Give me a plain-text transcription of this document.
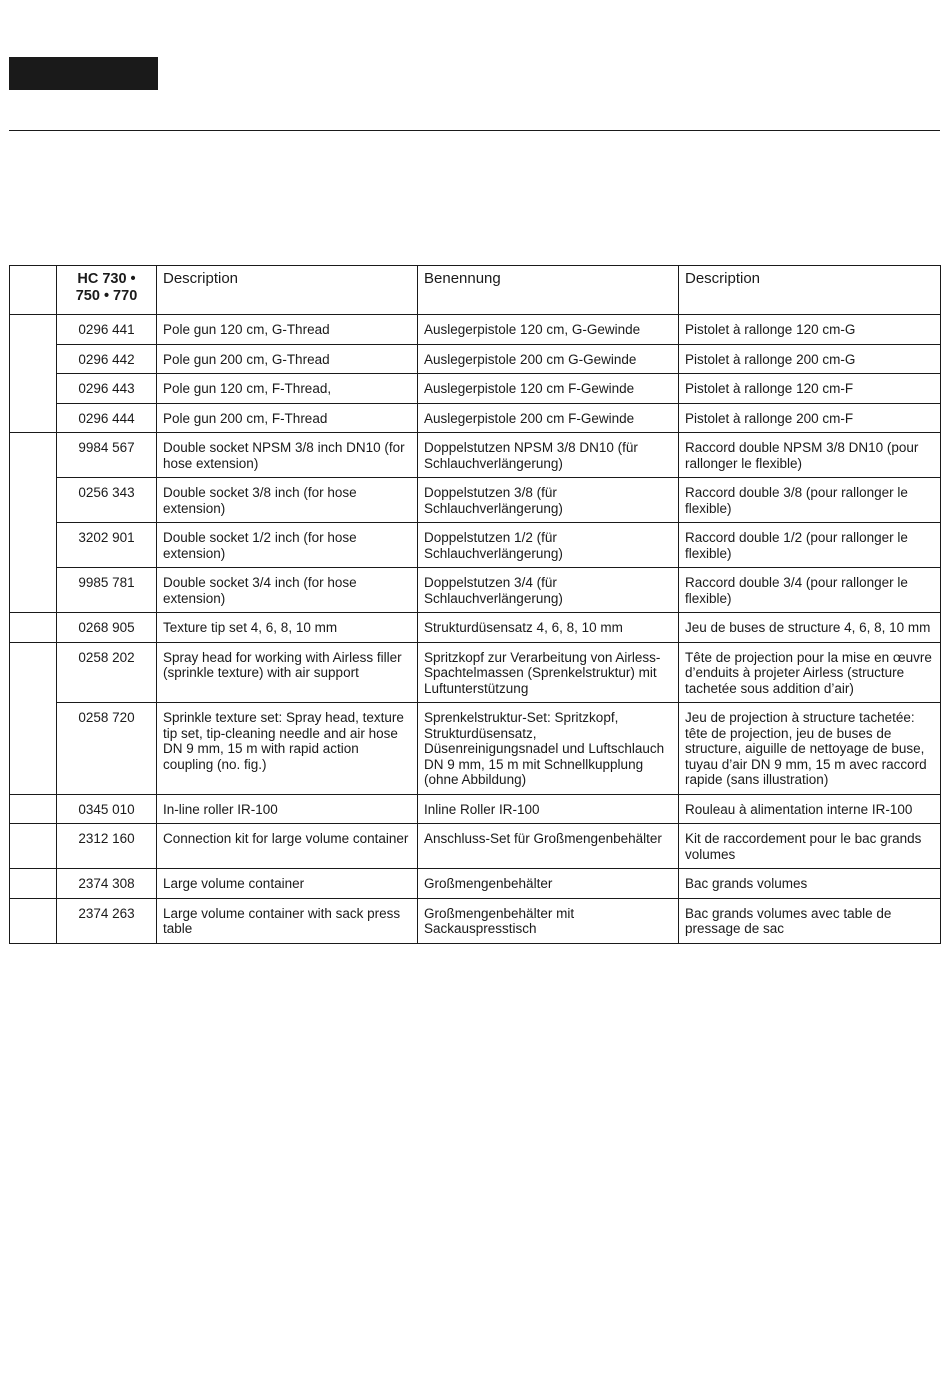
	HC 730 •
750 • 770	Description	Benennung	Description
	0296 441	Pole gun 120 cm, G-Thread	Auslegerpistole 120 cm, G-Gewinde	Pistolet à rallonge 120 cm-G
	0296 442	Pole gun 200 cm, G-Thread	Auslegerpistole 200 cm G-Gewinde	Pistolet à rallonge 200 cm-G
	0296 443	Pole gun 120 cm, F-Thread,	Auslegerpistole 120 cm F-Gewinde	Pistolet à rallonge 120 cm-F
	0296 444	Pole gun 200 cm, F-Thread	Auslegerpistole 200 cm F-Gewinde	Pistolet à rallonge 200 cm-F
	9984 567	Double socket NPSM 3/8 inch DN10 (for hose extension)	Doppelstutzen NPSM 3/8 DN10 (für Schlauchverlängerung)	Raccord double NPSM 3/8 DN10 (pour rallonger le flexible)
	0256 343	Double socket 3/8 inch (for hose extension)	Doppelstutzen 3/8 (für Schlauchverlängerung)	Raccord double 3/8 (pour rallonger le flexible)
	3202 901	Double socket 1/2 inch (for hose extension)	Doppelstutzen 1/2 (für Schlauchverlängerung)	Raccord double 1/2 (pour rallonger le flexible)
	9985 781	Double socket 3/4 inch (for hose extension)	Doppelstutzen 3/4 (für Schlauchverlängerung)	Raccord double 3/4 (pour rallonger le flexible)
	0268 905	Texture tip set 4, 6, 8, 10 mm	Strukturdüsensatz 4, 6, 8, 10 mm	Jeu de buses de structure 4, 6, 8, 10 mm
	0258 202	Spray head for working with Airless filler (sprinkle texture) with air support	Spritzkopf zur Verarbeitung von Airless-Spachtelmassen (Sprenkelstruktur) mit Luftunterstützung	Tête de projection pour la mise en œuvre d’enduits à projeter Airless (structure tachetée sous addition d’air)
	0258 720	Sprinkle texture set: Spray head, texture tip set, tip-cleaning needle and air hose DN 9 mm, 15 m with rapid action coupling (no. fig.)	Sprenkelstruktur-Set: Spritzkopf, Strukturdüsensatz, Düsenreinigungsnadel und Luftschlauch DN 9 mm, 15 m mit Schnellkupplung (ohne Abbildung)	Jeu de projection à structure tachetée: tête de projection, jeu de buses de structure, aiguille de nettoyage de buse, tuyau d’air DN 9 mm, 15 m avec raccord rapide (sans illustration)
	0345 010	In-line roller IR-100	Inline Roller IR-100	Rouleau à alimentation interne IR-100
	2312 160	Connection kit for large volume container	Anschluss-Set für Großmengenbehälter	Kit de raccordement pour le bac grands volumes
	2374 308	Large volume container	Großmengenbehälter	Bac grands volumes
	2374 263	Large volume container with sack press table	Großmengenbehälter mit Sackauspresstisch	Bac grands volumes avec table de pressage de sac
